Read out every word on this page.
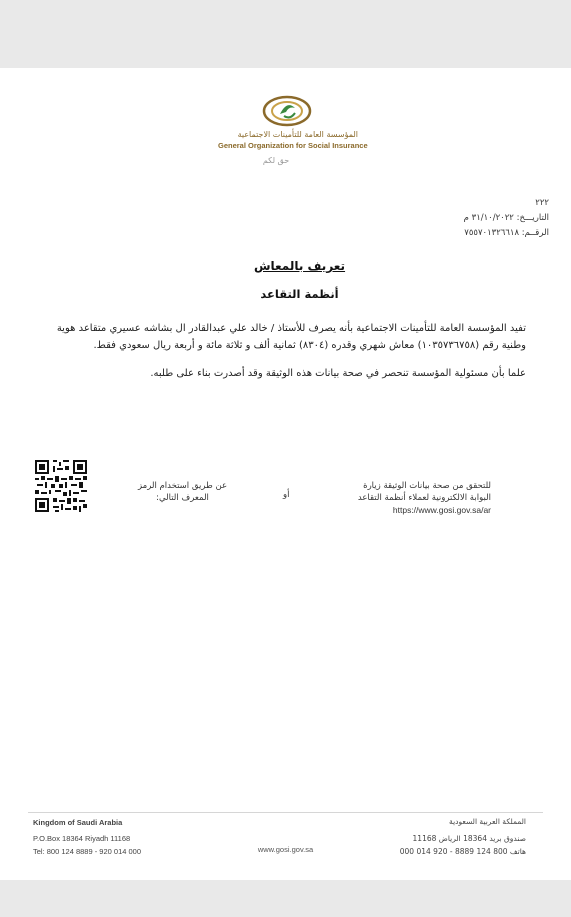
المؤسسة العامة للتأمينات الاجتماعية
General Organization for Social Insurance
حق لكم
٢٢٢
التاريـــخ: ٣١/١٠/٢٠٢٢ م
الرقــم: ٧٥٥٧٠١٣٢٦٦١٨
تعريف بالمعاش
أنظمة التقاعد
تفيد المؤسسة العامة للتأمينات الاجتماعية بأنه يصرف للأستاذ / خالد علي عبدالقادر ال بشاشه عسيري متقاعد هوية وطنية رقم (١٠٣٥٧٣٦٧٥٨) معاش شهري وقدره (٨٣٠٤) ثمانية ألف و ثلاثة مائة و أربعة ريال سعودي فقط.
علما بأن مسئولية المؤسسة تنحصر في صحة بيانات هذه الوثيقة وقد أصدرت بناء على طلبه.
للتحقق من صحة بيانات الوثيقة زيارة البوابة الالكترونية لعملاء أنظمة التقاعد
https://www.gosi.gov.sa/ar
أو
عن طريق استخدام الرمز المعرف التالي:
Kingdom of Saudi Arabia
P.O.Box 18364 Riyadh 11168
Tel: 800 124 8889 - 920 014 000	www.gosi.gov.sa
المملكة العربية السعودية
صندوق بريد 18364 الرياض 11168
هاتف 800 124 8889 - 920 014 000
